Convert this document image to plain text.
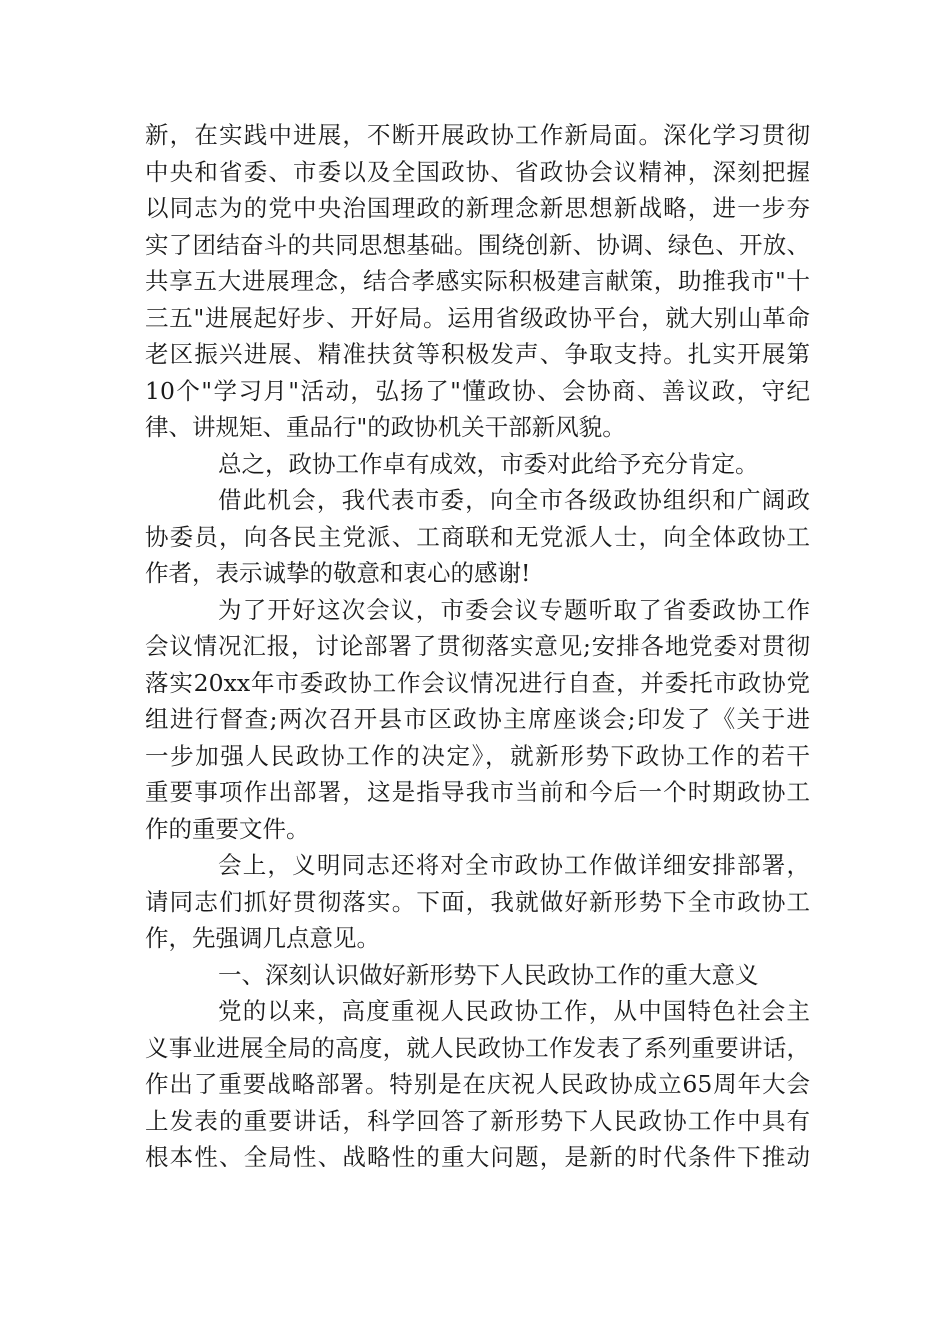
新，在实践中进展，不断开展政协工作新局面。深化学习贯彻
中央和省委、市委以及全国政协、省政协会议精神，深刻把握
以同志为的党中央治国理政的新理念新思想新战略，进一步夯
实了团结奋斗的共同思想基础。围绕创新、协调、绿色、开放、
共享五大进展理念，结合孝感实际积极建言献策，助推我市"十
三五"进展起好步、开好局。运用省级政协平台，就大别山革命
老区振兴进展、精准扶贫等积极发声、争取支持。扎实开展第
10个"学习月"活动，弘扬了"懂政协、会协商、善议政，守纪
律、讲规矩、重品行"的政协机关干部新风貌。
总之，政协工作卓有成效，市委对此给予充分肯定。
借此机会，我代表市委，向全市各级政协组织和广阔政
协委员，向各民主党派、工商联和无党派人士，向全体政协工
作者，表示诚挚的敬意和衷心的感谢!
为了开好这次会议，市委会议专题听取了省委政协工作
会议情况汇报，讨论部署了贯彻落实意见;安排各地党委对贯彻
落实20xx年市委政协工作会议情况进行自查，并委托市政协党
组进行督查;两次召开县市区政协主席座谈会;印发了《关于进
一步加强人民政协工作的决定》，就新形势下政协工作的若干
重要事项作出部署，这是指导我市当前和今后一个时期政协工
作的重要文件。
会上，义明同志还将对全市政协工作做详细安排部署，
请同志们抓好贯彻落实。下面，我就做好新形势下全市政协工
作，先强调几点意见。
一、深刻认识做好新形势下人民政协工作的重大意义
党的以来，高度重视人民政协工作，从中国特色社会主
义事业进展全局的高度，就人民政协工作发表了系列重要讲话，
作出了重要战略部署。特别是在庆祝人民政协成立65周年大会
上发表的重要讲话，科学回答了新形势下人民政协工作中具有
根本性、全局性、战略性的重大问题，是新的时代条件下推动
